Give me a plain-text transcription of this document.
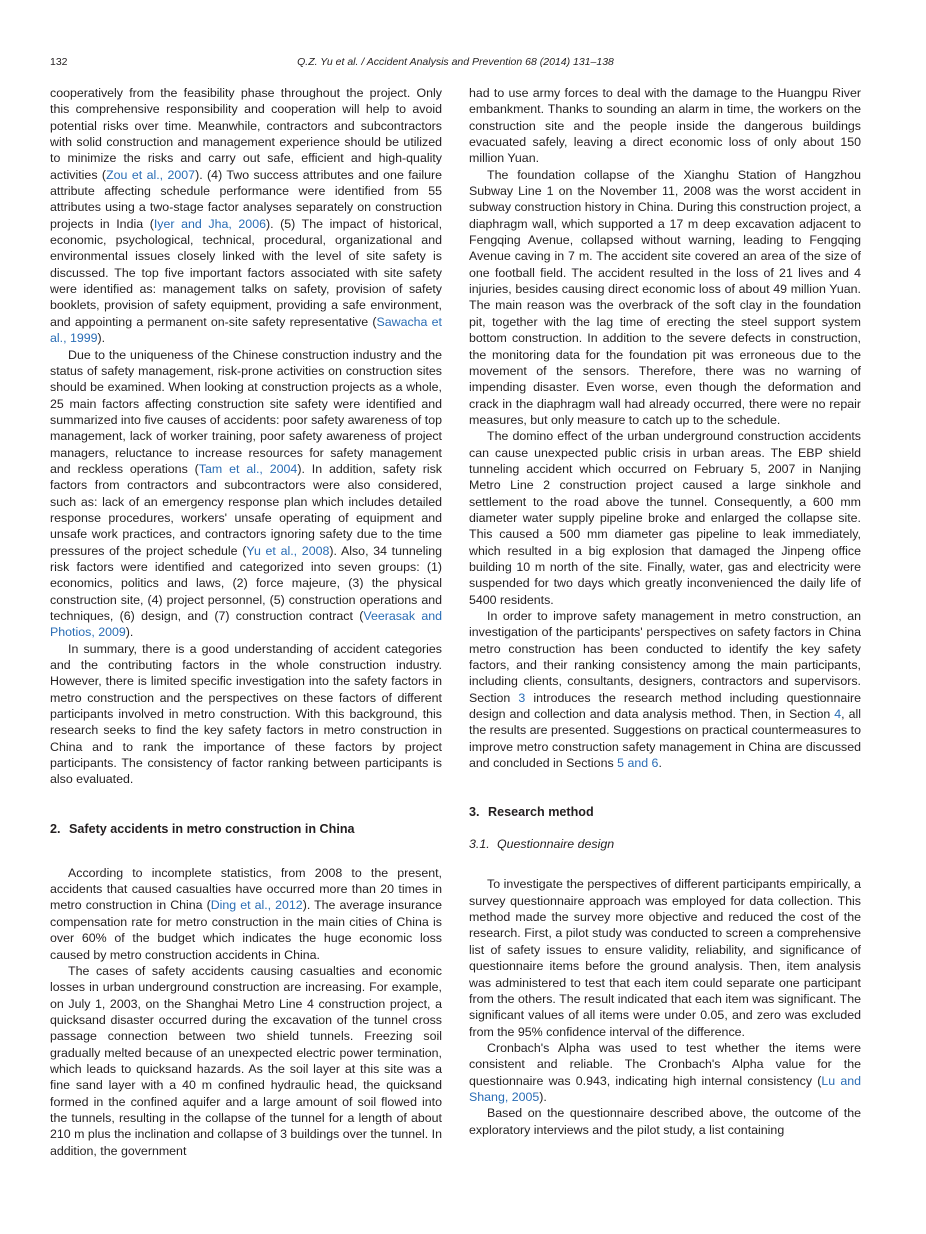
132	Q.Z. Yu et al. / Accident Analysis and Prevention 68 (2014) 131–138

cooperatively from the feasibility phase throughout the project. Only this comprehensive responsibility and cooperation will help to avoid potential risks over time. Meanwhile, contractors and subcontractors with solid construction and management experience should be utilized to minimize the risks and carry out safe, efficient and high-quality activities (Zou et al., 2007). (4) Two success attributes and one failure attribute affecting schedule performance were identified from 55 attributes using a two-stage factor analyses separately on construction projects in India (Iyer and Jha, 2006). (5) The impact of historical, economic, psychological, technical, procedural, organizational and environmental issues closely linked with the level of site safety is discussed. The top five important factors associated with site safety were identified as: management talks on safety, provision of safety booklets, provision of safety equipment, providing a safe environment, and appointing a permanent on-site safety representative (Sawacha et al., 1999).

Due to the uniqueness of the Chinese construction industry and the status of safety management, risk-prone activities on construction sites should be examined. When looking at construction projects as a whole, 25 main factors affecting construction site safety were identified and summarized into five causes of accidents: poor safety awareness of top management, lack of worker training, poor safety awareness of project managers, reluctance to increase resources for safety management and reckless operations (Tam et al., 2004). In addition, safety risk factors from contractors and subcontractors were also considered, such as: lack of an emergency response plan which includes detailed response procedures, workers' unsafe operating of equipment and unsafe work practices, and contractors ignoring safety due to the time pressures of the project schedule (Yu et al., 2008). Also, 34 tunneling risk factors were identified and categorized into seven groups: (1) economics, politics and laws, (2) force majeure, (3) the physical construction site, (4) project personnel, (5) construction operations and techniques, (6) design, and (7) construction contract (Veerasak and Photios, 2009).

In summary, there is a good understanding of accident categories and the contributing factors in the whole construction industry. However, there is limited specific investigation into the safety factors in metro construction and the perspectives on these factors of different participants involved in metro construction. With this background, this research seeks to find the key safety factors in metro construction in China and to rank the importance of these factors by project participants. The consistency of factor ranking between participants is also evaluated.

2. Safety accidents in metro construction in China

According to incomplete statistics, from 2008 to the present, accidents that caused casualties have occurred more than 20 times in metro construction in China (Ding et al., 2012). The average insurance compensation rate for metro construction in the main cities of China is over 60% of the budget which indicates the huge economic loss caused by metro construction accidents in China.

The cases of safety accidents causing casualties and economic losses in urban underground construction are increasing. For example, on July 1, 2003, on the Shanghai Metro Line 4 construction project, a quicksand disaster occurred during the excavation of the tunnel cross passage connection between two shield tunnels. Freezing soil gradually melted because of an unexpected electric power termination, which leads to quicksand hazards. As the soil layer at this site was a fine sand layer with a 40 m confined hydraulic head, the quicksand formed in the confined aquifer and a large amount of soil flowed into the tunnels, resulting in the collapse of the tunnel for a length of about 210 m plus the inclination and collapse of 3 buildings over the tunnel. In addition, the government

had to use army forces to deal with the damage to the Huangpu River embankment. Thanks to sounding an alarm in time, the workers on the construction site and the people inside the dangerous buildings evacuated safely, leaving a direct economic loss of only about 150 million Yuan.

The foundation collapse of the Xianghu Station of Hangzhou Subway Line 1 on the November 11, 2008 was the worst accident in subway construction history in China. During this construction project, a diaphragm wall, which supported a 17 m deep excavation adjacent to Fengqing Avenue, collapsed without warning, leading to Fengqing Avenue caving in 7 m. The accident site covered an area of the size of one football field. The accident resulted in the loss of 21 lives and 4 injuries, besides causing direct economic loss of about 49 million Yuan. The main reason was the overbrack of the soft clay in the foundation pit, together with the lag time of erecting the steel support system bottom construction. In addition to the severe defects in construction, the monitoring data for the foundation pit was erroneous due to the movement of the sensors. Therefore, there was no warning of impending disaster. Even worse, even though the deformation and crack in the diaphragm wall had already occurred, there were no repair measures, but only measure to catch up to the schedule.

The domino effect of the urban underground construction accidents can cause unexpected public crisis in urban areas. The EBP shield tunneling accident which occurred on February 5, 2007 in Nanjing Metro Line 2 construction project caused a large sinkhole and settlement to the road above the tunnel. Consequently, a 600 mm diameter water supply pipeline broke and enlarged the collapse site. This caused a 500 mm diameter gas pipeline to leak immediately, which resulted in a big explosion that damaged the Jinpeng office building 10 m north of the site. Finally, water, gas and electricity were suspended for two days which greatly inconvenienced the daily life of 5400 residents.

In order to improve safety management in metro construction, an investigation of the participants' perspectives on safety factors in China metro construction has been conducted to identify the key safety factors, and their ranking consistency among the main participants, including clients, consultants, designers, contractors and supervisors. Section 3 introduces the research method including questionnaire design and collection and data analysis method. Then, in Section 4, all the results are presented. Suggestions on practical countermeasures to improve metro construction safety management in China are discussed and concluded in Sections 5 and 6.

3. Research method
3.1. Questionnaire design

To investigate the perspectives of different participants empirically, a survey questionnaire approach was employed for data collection. This method made the survey more objective and reduced the cost of the research. First, a pilot study was conducted to screen a comprehensive list of safety issues to ensure validity, reliability, and significance of questionnaire items before the ground analysis. Then, item analysis was administered to test that each item could separate one participant from the others. The result indicated that each item was significant. The significant values of all items were under 0.05, and zero was excluded from the 95% confidence interval of the difference.

Cronbach's Alpha was used to test whether the items were consistent and reliable. The Cronbach's Alpha value for the questionnaire was 0.943, indicating high internal consistency (Lu and Shang, 2005).

Based on the questionnaire described above, the outcome of the exploratory interviews and the pilot study, a list containing
